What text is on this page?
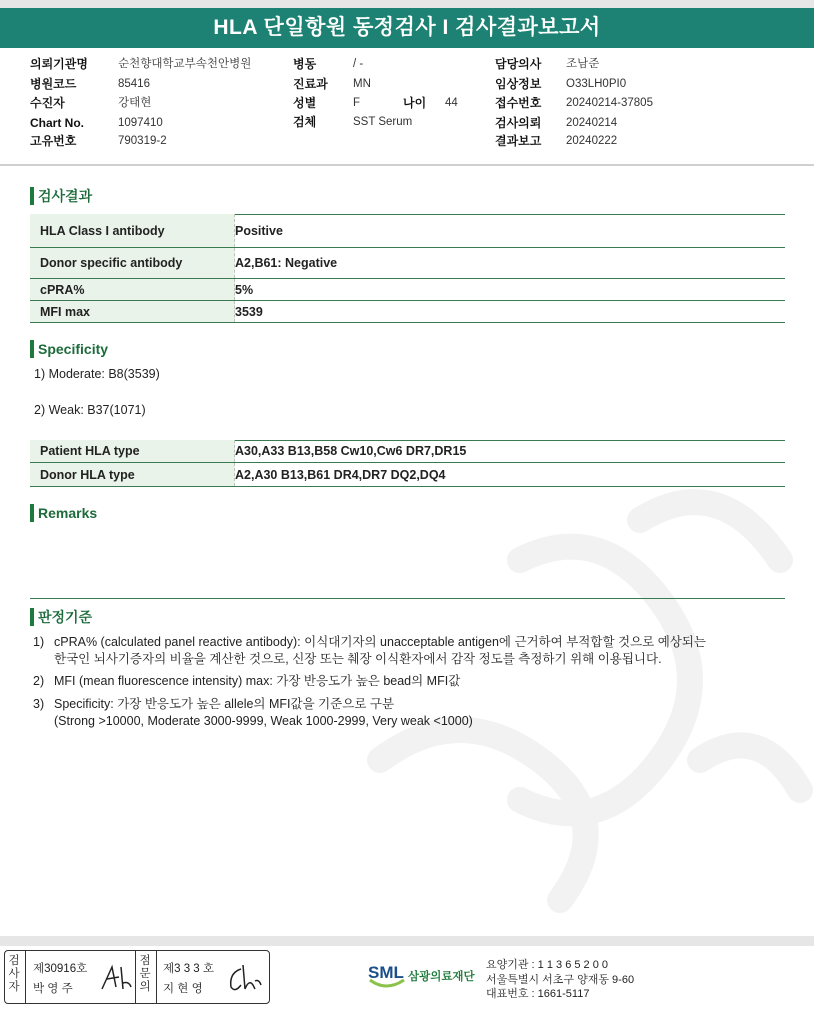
HLA 단일항원 동정검사 I 검사결과보고서
의뢰기관명	순천향대학교부속천안병원
병원코드	85416
수진자	강태현
Chart No.	1097410
고유번호	790319-2
병동	/ -
진료과 MN
성별	F	나이 44
검체	SST Serum
담당의사 조남준
임상정보 O33LH0PI0
접수번호 20240214-37805
검사의뢰 20240214
결과보고 20240222
검사결과
HLA Class I antibody	Positive
Donor specific antibody	A2,B61: Negative
cPRA%	5%
MFI max	3539
Specificity
1) Moderate: B8(3539)
2) Weak: B37(1071)
Patient HLA type	A30,A33 B13,B58 Cw10,Cw6 DR7,DR15
Donor HLA type	A2,A30 B13,B61 DR4,DR7 DQ2,DQ4
Remarks
판정기준
1) cPRA% (calculated panel reactive antibody): 이식대기자의 unacceptable antigen에 근거하여 부적합할 것으로 예상되는
한국인 뇌사기증자의 비율을 계산한 것으로, 신장 또는 췌장 이식환자에서 감작 정도를 측정하기 위해 이용됩니다.
2) MFI (mean fluorescence intensity) max: 가장 반응도가 높은 bead의 MFI값
3) Specificity: 가장 반응도가 높은 allele의 MFI값을 기준으로 구분
(Strong >10000, Moderate 3000-9999, Weak 1000-2999, Very weak <1000)
검사자
제30916호
박 영 주
점문의
제3 3 3 호
지 현 영
SML 삼광의료재단
요양기관 : 1 1 3 6 5 2 0 0
서울특별시 서초구 양재동 9-60
대표번호 : 1661-5117
